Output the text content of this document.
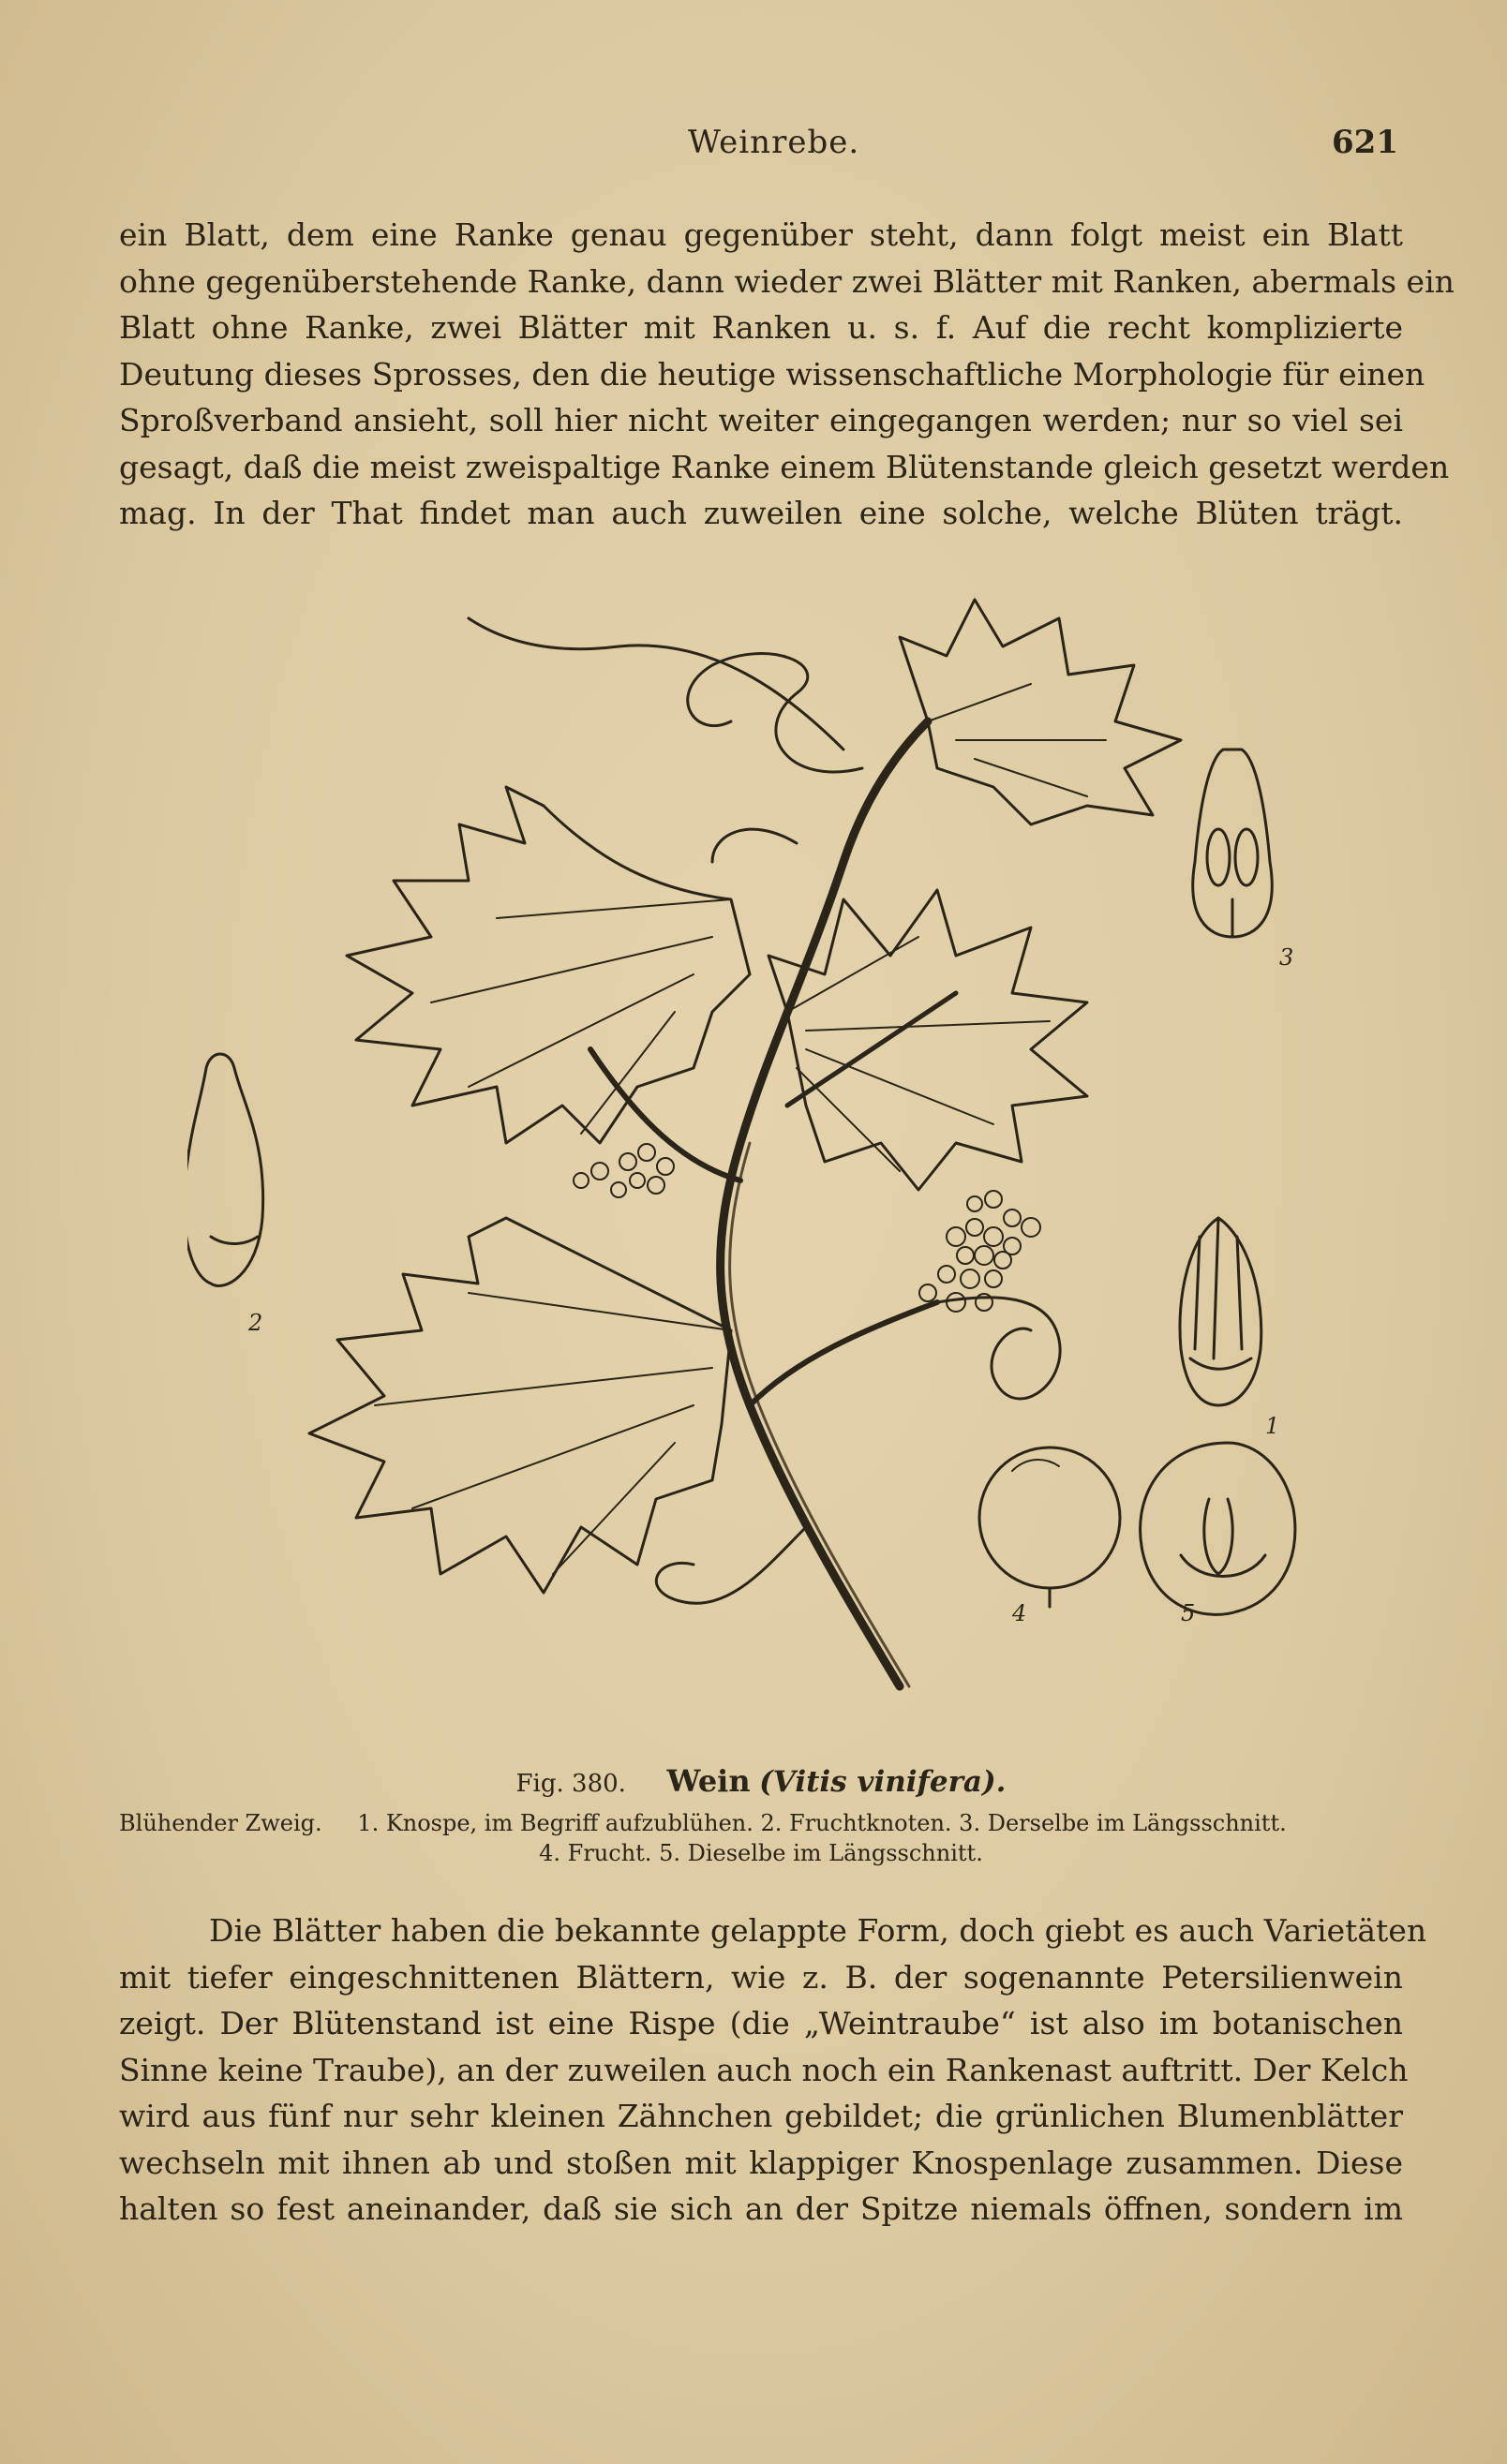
Weinrebe.	621
ein Blatt, dem eine Ranke genau gegenüber steht, dann folgt meist ein Blatt
ohne gegenüberstehende Ranke, dann wieder zwei Blätter mit Ranken, abermals ein
Blatt ohne Ranke, zwei Blätter mit Ranken u. s. f. Auf die recht komplizierte
Deutung dieses Sprosses, den die heutige wissenschaftliche Morphologie für einen
Sproßverband ansieht, soll hier nicht weiter eingegangen werden; nur so viel sei
gesagt, daß die meist zweispaltige Ranke einem Blütenstande gleich gesetzt werden
mag. In der That findet man auch zuweilen eine solche, welche Blüten trägt.
3
2
1
4	5
Fig. 380. Wein (Vitis vinifera).
Blühender Zweig. 1. Knospe, im Begriff aufzublühen. 2. Fruchtknoten. 3. Derselbe im Längsschnitt.
4. Frucht. 5. Dieselbe im Längsschnitt.
Die Blätter haben die bekannte gelappte Form, doch giebt es auch Varietäten
mit tiefer eingeschnittenen Blättern, wie z. B. der sogenannte Petersilienwein
zeigt. Der Blütenstand ist eine Rispe (die „Weintraube“ ist also im botanischen
Sinne keine Traube), an der zuweilen auch noch ein Rankenast auftritt. Der Kelch
wird aus fünf nur sehr kleinen Zähnchen gebildet; die grünlichen Blumenblätter
wechseln mit ihnen ab und stoßen mit klappiger Knospenlage zusammen. Diese
halten so fest aneinander, daß sie sich an der Spitze niemals öffnen, sondern im
